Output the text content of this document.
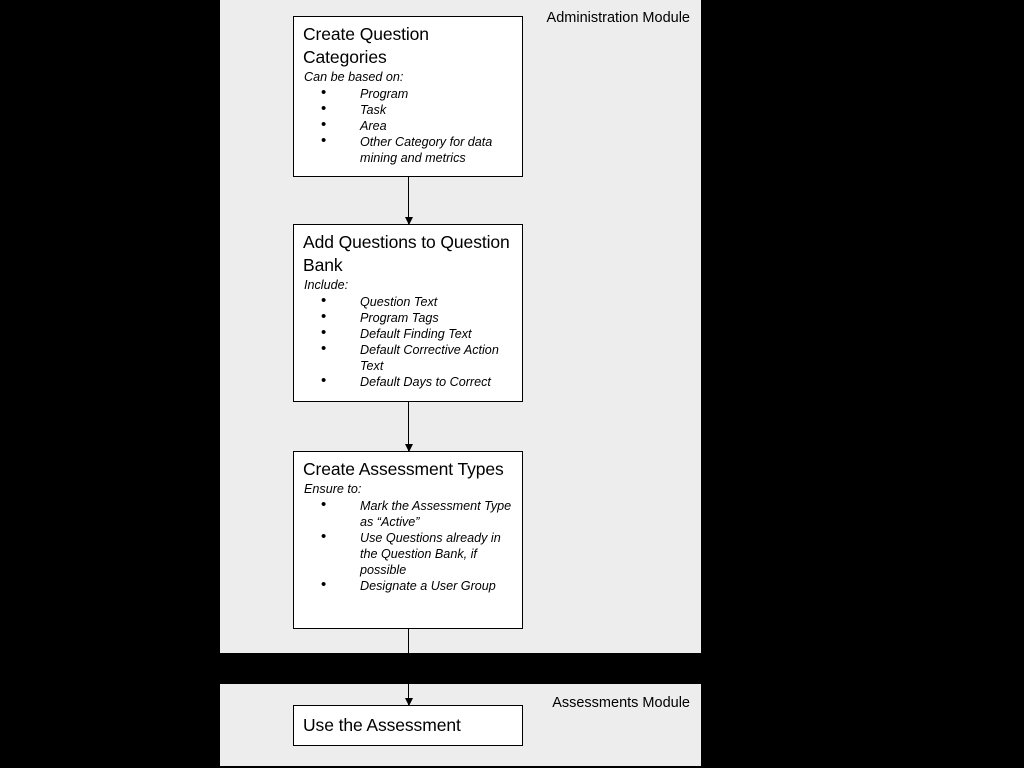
Administration Module
Assessments Module
Create Question Categories
Can be based on:
• Program
• Task
• Area
• Other Category for data mining and metrics
Add Questions to Question Bank
Include:
• Question Text
• Program Tags
• Default Finding Text
• Default Corrective Action Text
• Default Days to Correct
Create Assessment Types
Ensure to:
• Mark the Assessment Type as “Active”
• Use Questions already in the Question Bank, if possible
• Designate a User Group
Use the Assessment
